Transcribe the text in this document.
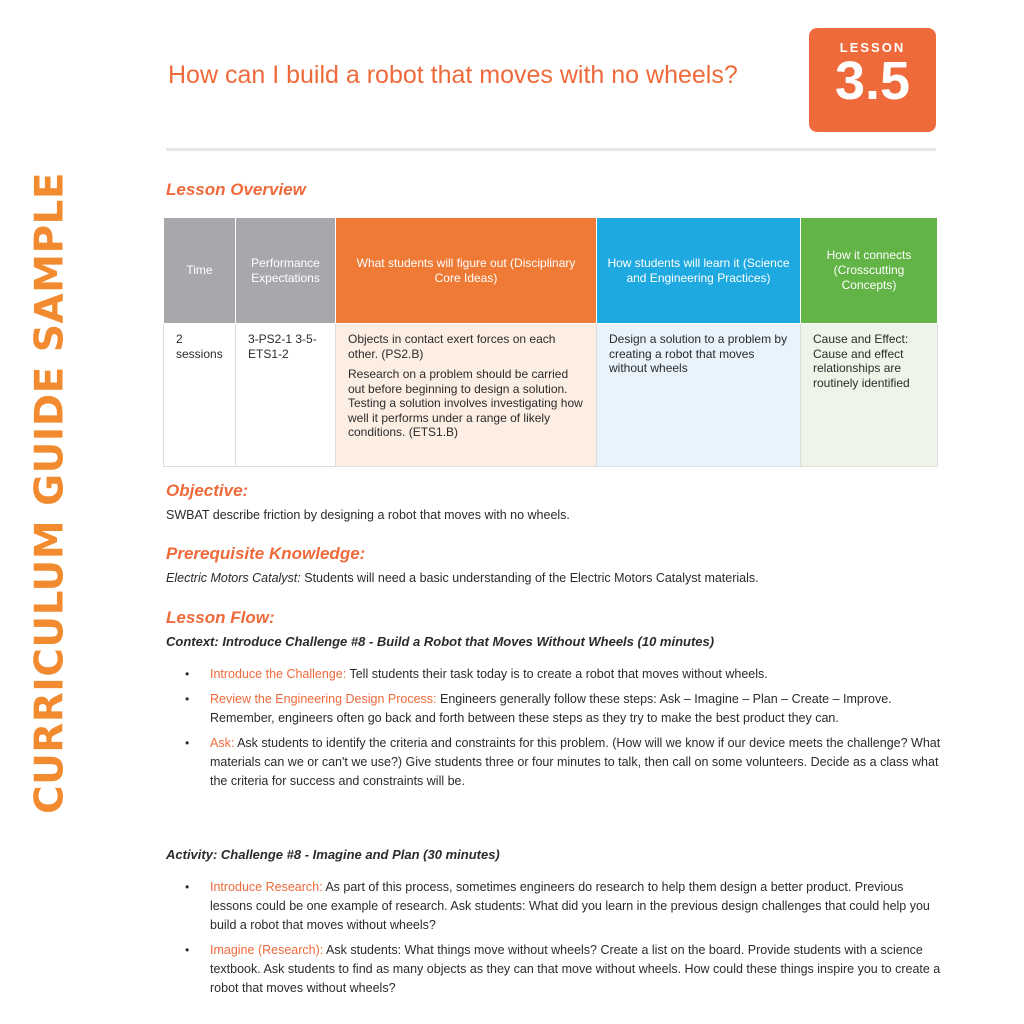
CURRICULUM GUIDE SAMPLE
How can I build a robot that moves with no wheels?
LESSON
3.5
Lesson Overview
Time	Performance Expectations	What students will figure out (Disciplinary Core Ideas)	How students will learn it (Science and Engineering Practices)	How it connects (Crosscutting Concepts)
2 sessions	3-PS2-1 3-5-ETS1-2	Objects in contact exert forces on each other. (PS2.B)

Research on a problem should be carried out before beginning to design a solution. Testing a solution involves investigating how well it performs under a range of likely conditions. (ETS1.B)	Design a solution to a problem by creating a robot that moves without wheels	Cause and Effect: Cause and effect relationships are routinely identified
Objective:

SWBAT describe friction by designing a robot that moves with no wheels.

Prerequisite Knowledge:

Electric Motors Catalyst: Students will need a basic understanding of the Electric Motors Catalyst materials.

Lesson Flow:

Context: Introduce Challenge #8 - Build a Robot that Moves Without Wheels (10 minutes)

• Introduce the Challenge: Tell students their task today is to create a robot that moves without wheels.
• Review the Engineering Design Process: Engineers generally follow these steps: Ask – Imagine – Plan – Create – Improve. Remember, engineers often go back and forth between these steps as they try to make the best product they can.
• Ask: Ask students to identify the criteria and constraints for this problem. (How will we know if our device meets the challenge? What materials can we or can't we use?) Give students three or four minutes to talk, then call on some volunteers. Decide as a class what the criteria for success and constraints will be.

Activity: Challenge #8 - Imagine and Plan (30 minutes)

• Introduce Research: As part of this process, sometimes engineers do research to help them design a better product. Previous lessons could be one example of research. Ask students: What did you learn in the previous design challenges that could help you build a robot that moves without wheels?
• Imagine (Research): Ask students: What things move without wheels? Create a list on the board. Provide students with a science textbook. Ask students to find as many objects as they can that move without wheels. How could these things inspire you to create a robot that moves without wheels?
